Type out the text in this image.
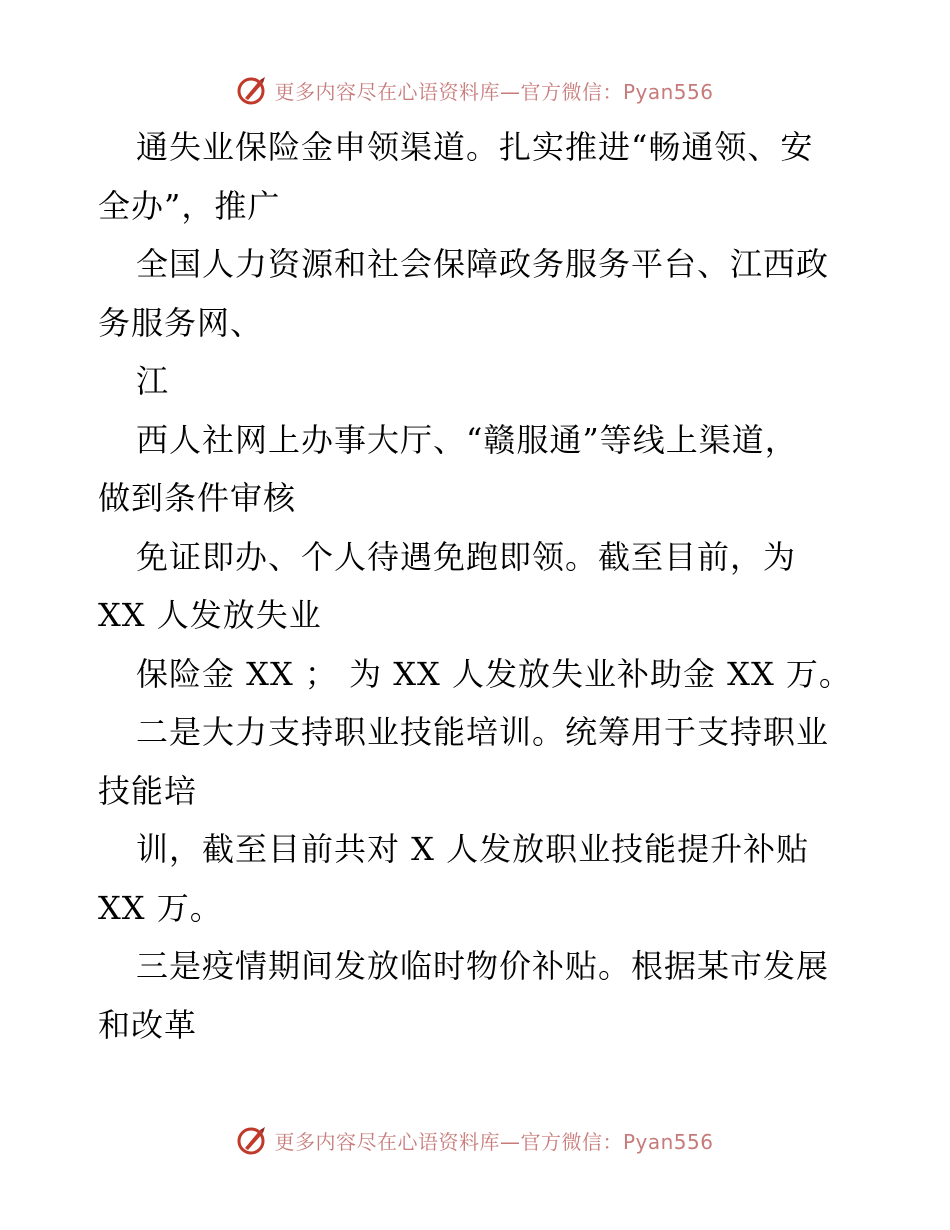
更多内容尽在心语资料库—官方微信：Pyan556
通失业保险金申领渠道。扎实推进“畅通领、安
全办”，推广
全国人力资源和社会保障政务服务平台、江西政
务服务网、
江
西人社网上办事大厅、“赣服通”等线上渠道，
做到条件审核
免证即办、个人待遇免跑即领。截至目前，为
XX 人发放失业
保险金 XX ； 为 XX 人发放失业补助金 XX 万。
二是大力支持职业技能培训。统筹用于支持职业
技能培
训，截至目前共对 X 人发放职业技能提升补贴
XX 万。
三是疫情期间发放临时物价补贴。根据某市发展
和改革
更多内容尽在心语资料库—官方微信：Pyan556
